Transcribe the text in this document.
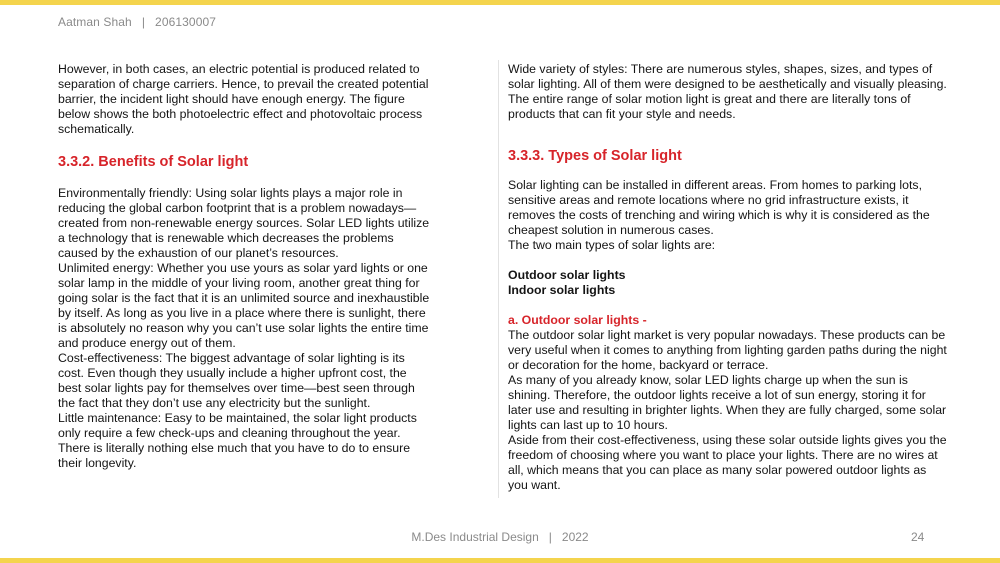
Aatman Shah | 206130007

However, in both cases, an electric potential is produced related to separation of charge carriers. Hence, to prevail the created potential barrier, the incident light should have enough energy. The figure below shows the both photoelectric effect and photovoltaic process schematically.

3.3.2. Benefits of Solar light

Environmentally friendly: Using solar lights plays a major role in reducing the global carbon footprint that is a problem nowadays—created from non-renewable energy sources. Solar LED lights utilize a technology that is renewable which decreases the problems caused by the exhaustion of our planet’s resources.

Unlimited energy: Whether you use yours as solar yard lights or one solar lamp in the middle of your living room, another great thing for going solar is the fact that it is an unlimited source and inexhaustible by itself. As long as you live in a place where there is sunlight, there is absolutely no reason why you can’t use solar lights the entire time and produce energy out of them.

Cost-effectiveness: The biggest advantage of solar lighting is its cost. Even though they usually include a higher upfront cost, the best solar lights pay for themselves over time—best seen through the fact that they don’t use any electricity but the sunlight.

Little maintenance: Easy to be maintained, the solar light products only require a few check-ups and cleaning throughout the year. There is literally nothing else much that you have to do to ensure their longevity.

Wide variety of styles: There are numerous styles, shapes, sizes, and types of solar lighting. All of them were designed to be aesthetically and visually pleasing. The entire range of solar motion light is great and there are literally tons of products that can fit your style and needs.

3.3.3. Types of Solar light

Solar lighting can be installed in different areas. From homes to parking lots, sensitive areas and remote locations where no grid infrastructure exists, it removes the costs of trenching and wiring which is why it is considered as the cheapest solution in numerous cases.

The two main types of solar lights are:

Outdoor solar lights

Indoor solar lights

a. Outdoor solar lights -

The outdoor solar light market is very popular nowadays. These products can be very useful when it comes to anything from lighting garden paths during the night or decoration for the home, backyard or terrace.

As many of you already know, solar LED lights charge up when the sun is shining. Therefore, the outdoor lights receive a lot of sun energy, storing it for later use and resulting in brighter lights. When they are fully charged, some solar lights can last up to 10 hours.

Aside from their cost-effectiveness, using these solar outside lights gives you the freedom of choosing where you want to place your lights. There are no wires at all, which means that you can place as many solar powered outdoor lights as you want.

M.Des Industrial Design | 2022	24
